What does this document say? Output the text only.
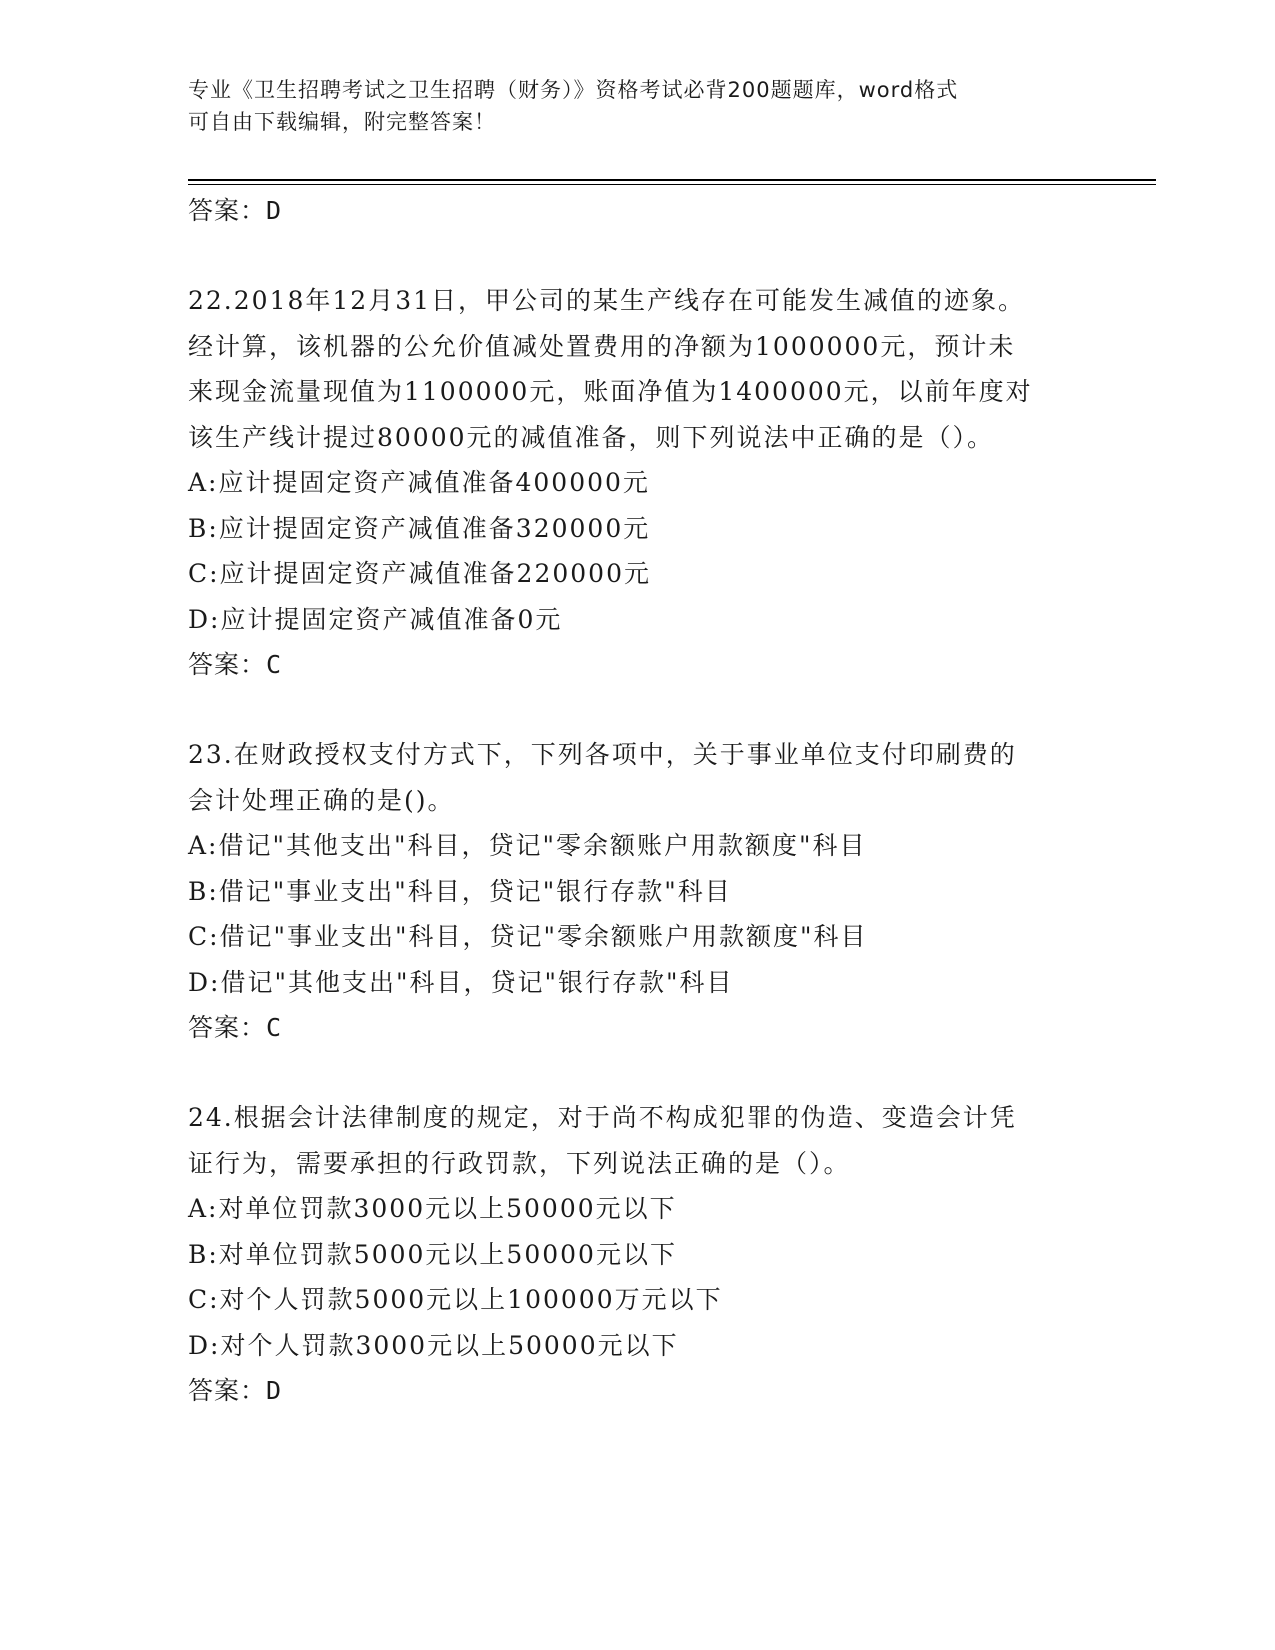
专业《卫生招聘考试之卫生招聘（财务）》资格考试必背200题题库，word格式
可自由下载编辑，附完整答案！
答案：D
22.2018年12月31日，甲公司的某生产线存在可能发生减值的迹象。
经计算，该机器的公允价值减处置费用的净额为1000000元，预计未
来现金流量现值为1100000元，账面净值为1400000元，以前年度对
该生产线计提过80000元的减值准备，则下列说法中正确的是（）。
A:应计提固定资产减值准备400000元
B:应计提固定资产减值准备320000元
C:应计提固定资产减值准备220000元
D:应计提固定资产减值准备0元
答案：C
23.在财政授权支付方式下，下列各项中，关于事业单位支付印刷费的
会计处理正确的是()。
A:借记"其他支出"科目，贷记"零余额账户用款额度"科目
B:借记"事业支出"科目，贷记"银行存款"科目
C:借记"事业支出"科目，贷记"零余额账户用款额度"科目
D:借记"其他支出"科目，贷记"银行存款"科目
答案：C
24.根据会计法律制度的规定，对于尚不构成犯罪的伪造、变造会计凭
证行为，需要承担的行政罚款，下列说法正确的是（）。
A:对单位罚款3000元以上50000元以下
B:对单位罚款5000元以上50000元以下
C:对个人罚款5000元以上100000万元以下
D:对个人罚款3000元以上50000元以下
答案：D
